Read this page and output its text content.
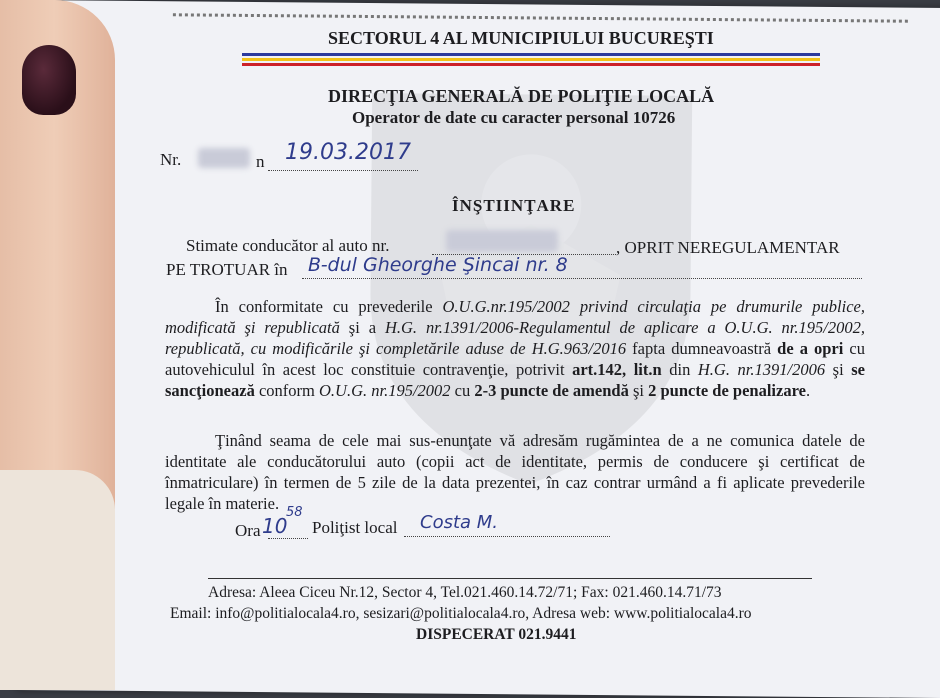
SECTORUL 4 AL MUNICIPIULUI BUCUREŞTI
DIRECŢIA GENERALĂ DE POLIŢIE LOCALĂ
Operator de date cu caracter personal 10726
Nr.	n 19.03.2017
ÎNŞTIINŢARE
Stimate conducător al auto nr.	, OPRIT NEREGULAMENTAR
PE TROTUAR în B-dul Gheorghe Şincai nr. 8

În conformitate cu prevederile O.U.G.nr.195/2002 privind circulaţia pe drumurile publice, modificată şi republicată şi a H.G. nr.1391/2006-Regulamentul de aplicare a O.U.G. nr.195/2002, republicată, cu modificările şi completările aduse de H.G.963/2016 fapta dumneavoastră de a opri cu autovehiculul în acest loc constituie contravenţie, potrivit art.142, lit.n din H.G. nr.1391/2006 şi se sancţionează conform O.U.G. nr.195/2002 cu 2-3 puncte de amendă şi 2 puncte de penalizare.

Ţinând seama de cele mai sus-enunţate vă adresăm rugămintea de a ne comunica datele de identitate ale conducătorului auto (copii act de identitate, permis de conducere şi certificat de înmatriculare) în termen de 5 zile de la data prezentei, în caz contrar urmând a fi aplicate prevederile legale în materie.

Ora 10
58
Poliţist local Costa M.
Adresa: Aleea Ciceu Nr.12, Sector 4, Tel.021.460.14.72/71; Fax: 021.460.14.71/73
Email: info@politialocala4.ro, sesizari@politialocala4.ro, Adresa web: www.politialocala4.ro
DISPECERAT 021.9441
